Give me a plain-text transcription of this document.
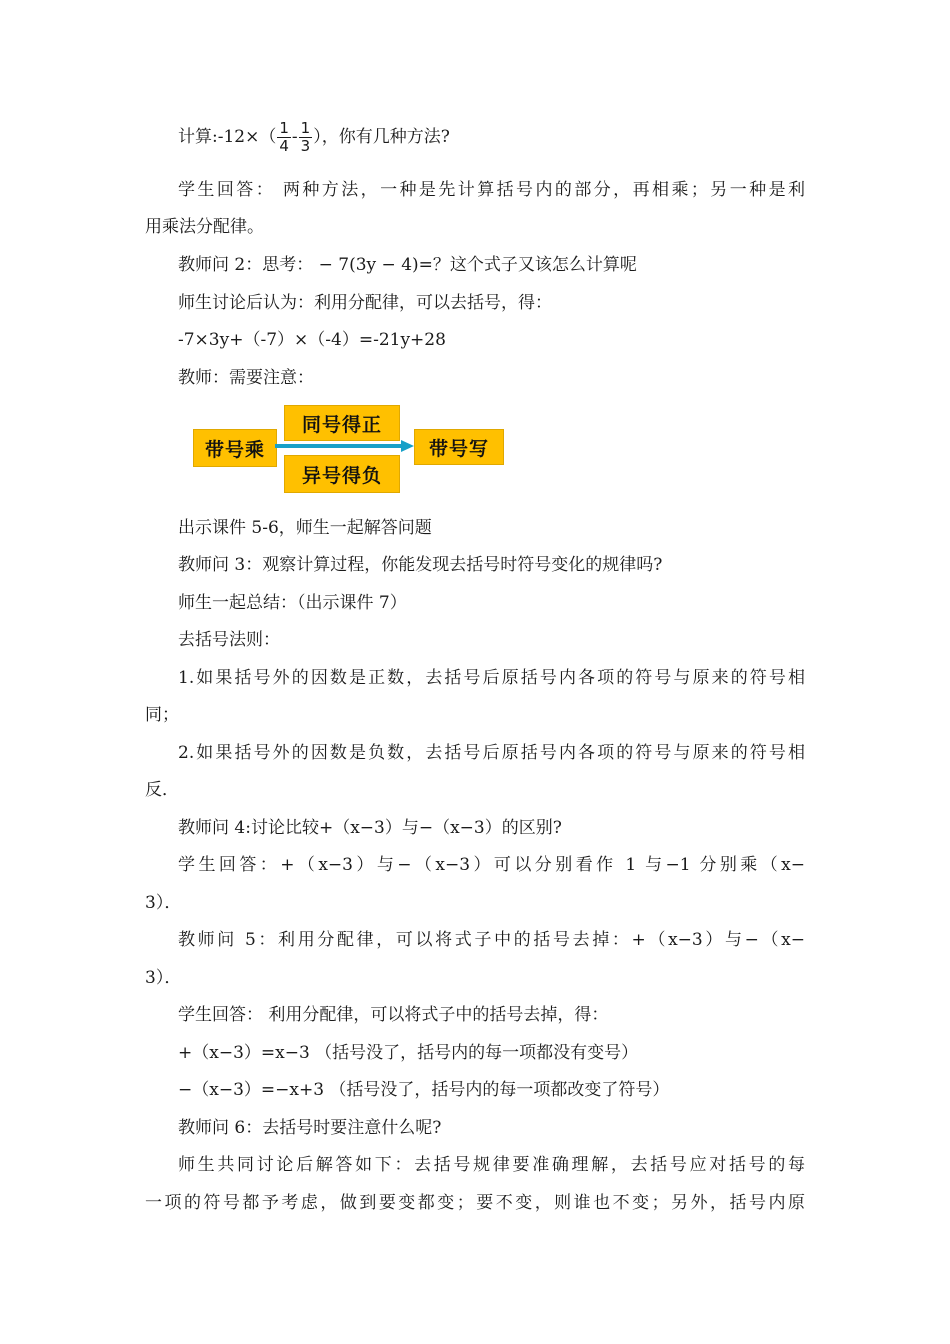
计算:-12×（ $\frac{1}{4} - \frac{1}{3}$ ），你有几种方法?
学生回答： 两种方法，一种是先计算括号内的部分，再相乘；另一种是利
用乘法分配律。
教师问 2：思考： − 7(3y − 4)=？这个式子又该怎么计算呢
师生讨论后认为：利用分配律，可以去括号，得：
-7×3y+（-7）×（-4）=-21y+28
教师：需要注意：
带号乘
同号得正
异号得负
带号写
出示课件 5-6，师生一起解答问题
教师问 3：观察计算过程，你能发现去括号时符号变化的规律吗?
师生一起总结：（出示课件 7）
去括号法则：
1.如果括号外的因数是正数，去括号后原括号内各项的符号与原来的符号相
同；
2.如果括号外的因数是负数，去括号后原括号内各项的符号与原来的符号相
反．
教师问 4:讨论比较+（x−3）与−（x−3）的区别?
学生回答：+（x−3）与−（x−3）可以分别看作 1 与−1 分别乘（x−
3）．
教师问 5：利用分配律，可以将式子中的括号去掉：+（x−3）与−（x−
3）．
学生回答： 利用分配律，可以将式子中的括号去掉，得：
+（x−3）=x−3 （括号没了，括号内的每一项都没有变号）
−（x−3）=−x+3 （括号没了，括号内的每一项都改变了符号）
教师问 6：去括号时要注意什么呢?
师生共同讨论后解答如下：去括号规律要准确理解，去括号应对括号的每
一项的符号都予考虑，做到要变都变；要不变，则谁也不变；另外，括号内原
